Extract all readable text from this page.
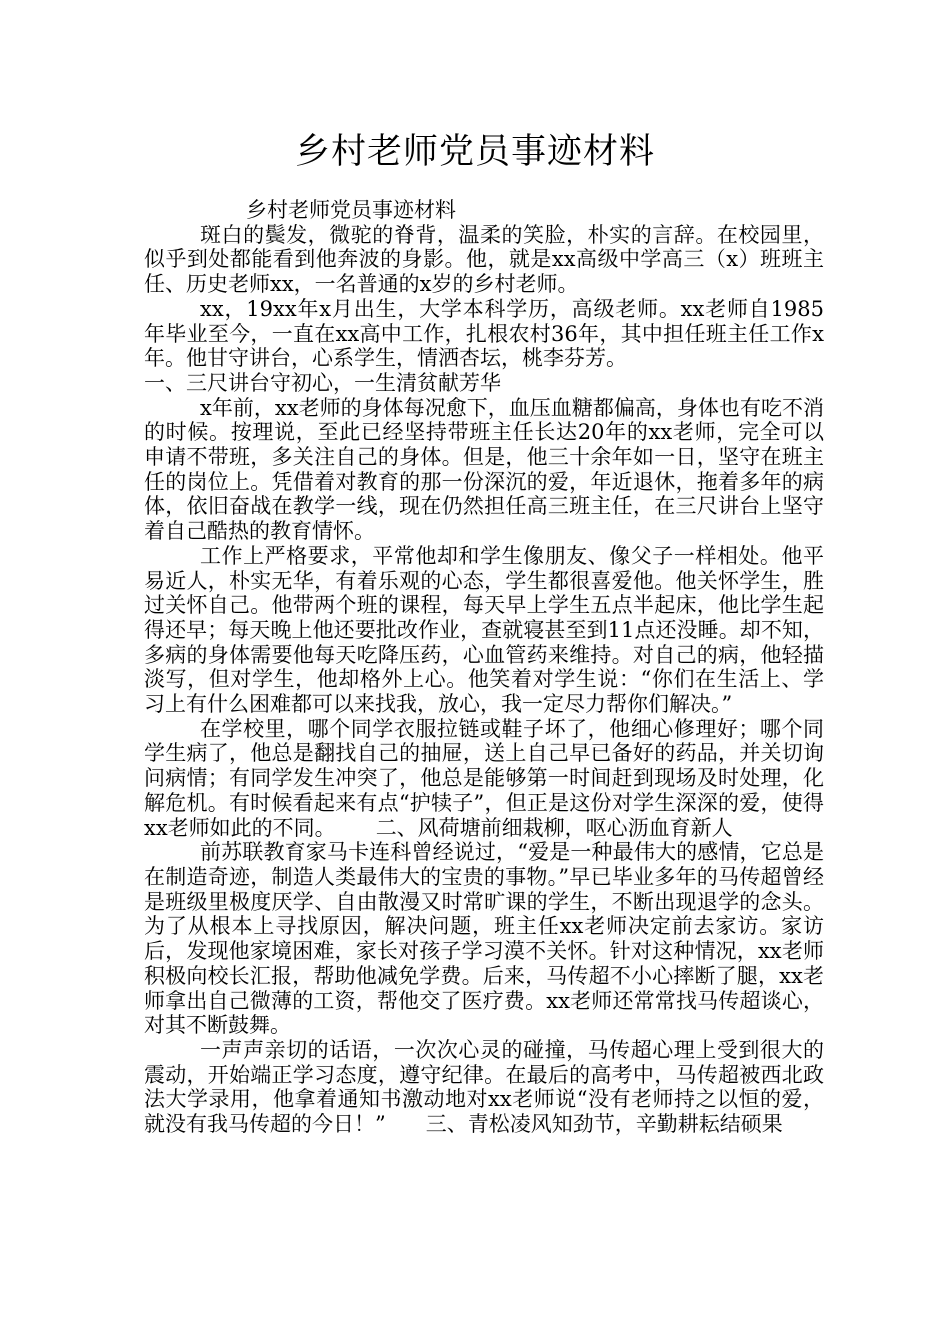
乡村老师党员事迹材料

乡村老师党员事迹材料

斑白的鬓发，微驼的脊背，温柔的笑脸，朴实的言辞。在校园里，似乎到处都能看到他奔波的身影。他，就是xx高级中学高三（x）班班主任、历史老师xx，一名普通的x岁的乡村老师。

xx，19xx年x月出生，大学本科学历，高级老师。xx老师自1985年毕业至今，一直在xx高中工作，扎根农村36年，其中担任班主任工作x年。他甘守讲台，心系学生，情洒杏坛，桃李芬芳。

一、三尺讲台守初心，一生清贫献芳华

x年前，xx老师的身体每况愈下，血压血糖都偏高，身体也有吃不消的时候。按理说，至此已经坚持带班主任长达20年的xx老师，完全可以申请不带班，多关注自己的身体。但是，他三十余年如一日，坚守在班主任的岗位上。凭借着对教育的那一份深沉的爱，年近退休，拖着多年的病体，依旧奋战在教学一线，现在仍然担任高三班主任，在三尺讲台上坚守着自己酷热的教育情怀。

工作上严格要求，平常他却和学生像朋友、像父子一样相处。他平易近人，朴实无华，有着乐观的心态，学生都很喜爱他。他关怀学生，胜过关怀自己。他带两个班的课程，每天早上学生五点半起床，他比学生起得还早；每天晚上他还要批改作业，查就寝甚至到11点还没睡。却不知，多病的身体需要他每天吃降压药，心血管药来维持。对自己的病，他轻描淡写，但对学生，他却格外上心。他笑着对学生说：“你们在生活上、学习上有什么困难都可以来找我，放心，我一定尽力帮你们解决。”

在学校里，哪个同学衣服拉链或鞋子坏了，他细心修理好；哪个同学生病了，他总是翻找自己的抽屉，送上自己早已备好的药品，并关切询问病情；有同学发生冲突了，他总是能够第一时间赶到现场及时处理，化解危机。有时候看起来有点“护犊子”，但正是这份对学生深深的爱，使得xx老师如此的不同。 二、风荷塘前细栽柳，呕心沥血育新人

前苏联教育家马卡连科曾经说过，“爱是一种最伟大的感情，它总是在制造奇迹，制造人类最伟大的宝贵的事物。”早已毕业多年的马传超曾经是班级里极度厌学、自由散漫又时常旷课的学生，不断出现退学的念头。为了从根本上寻找原因，解决问题，班主任xx老师决定前去家访。家访后，发现他家境困难，家长对孩子学习漠不关怀。针对这种情况，xx老师积极向校长汇报，帮助他减免学费。后来，马传超不小心摔断了腿，xx老师拿出自己微薄的工资，帮他交了医疗费。xx老师还常常找马传超谈心，对其不断鼓舞。

一声声亲切的话语，一次次心灵的碰撞，马传超心理上受到很大的震动，开始端正学习态度，遵守纪律。在最后的高考中，马传超被西北政法大学录用，他拿着通知书激动地对xx老师说“没有老师持之以恒的爱，就没有我马传超的今日！” 三、青松凌风知劲节，辛勤耕耘结硕果
